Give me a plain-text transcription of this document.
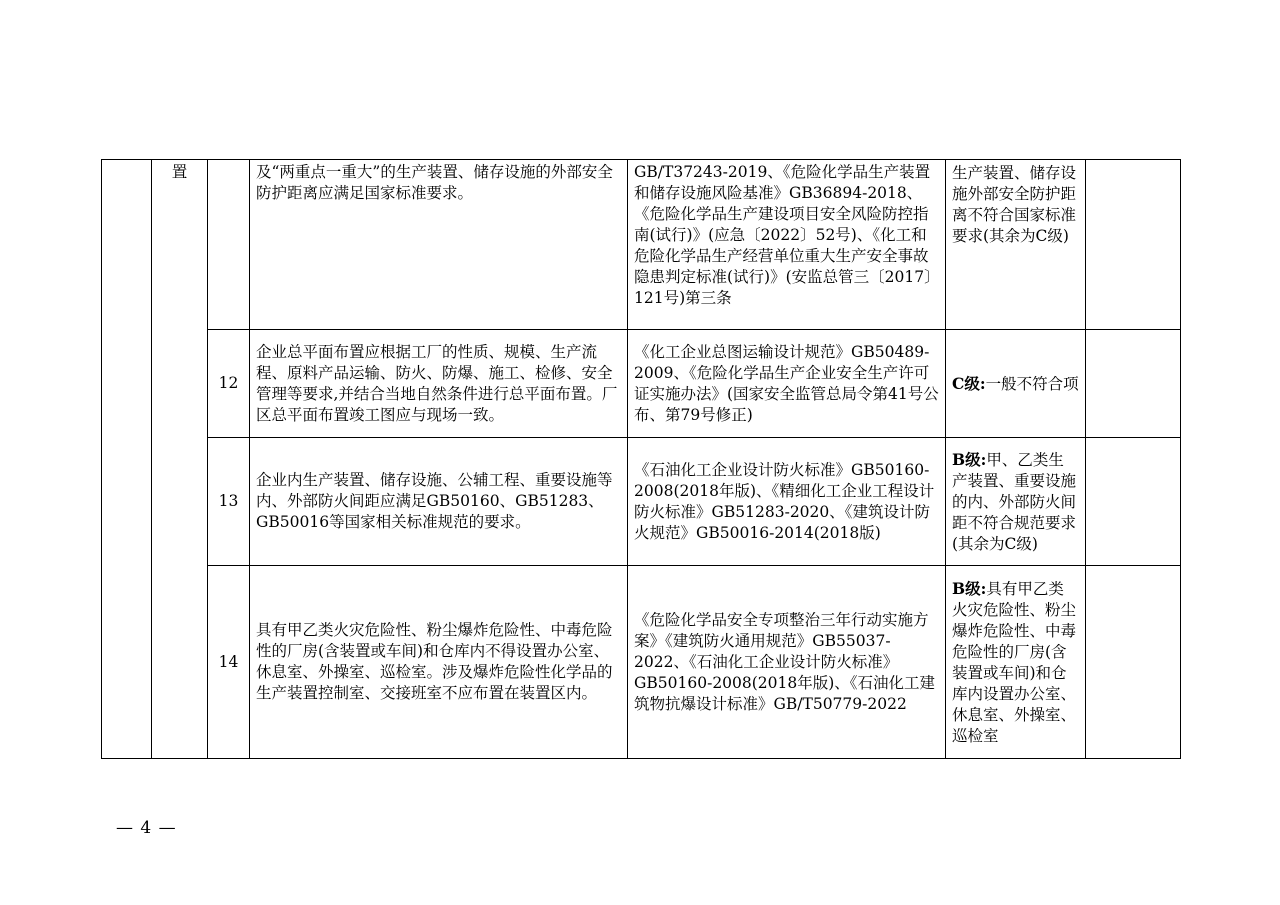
	置		及“两重点一重大”的生产装置、储存设施的外部安全防护距离应满足国家标准要求。	GB/T37243-2019、《危险化学品生产装置和储存设施风险基准》GB36894-2018、《危险化学品生产建设项目安全风险防控指南(试行)》(应急〔2022〕52号)、《化工和危险化学品生产经营单位重大生产安全事故隐患判定标准(试行)》(安监总管三〔2017〕121号)第三条	生产装置、储存设施外部安全防护距离不符合国家标准要求(其余为C级)	
		12	企业总平面布置应根据工厂的性质、规模、生产流程、原料产品运输、防火、防爆、施工、检修、安全管理等要求,并结合当地自然条件进行总平面布置。厂区总平面布置竣工图应与现场一致。	《化工企业总图运输设计规范》GB50489-2009、《危险化学品生产企业安全生产许可证实施办法》(国家安全监管总局令第41号公布、第79号修正)	C级:一般不符合项	
		13	企业内生产装置、储存设施、公辅工程、重要设施等内、外部防火间距应满足GB50160、GB51283、GB50016等国家相关标准规范的要求。	《石油化工企业设计防火标准》GB50160-2008(2018年版)、《精细化工企业工程设计防火标准》GB51283-2020、《建筑设计防火规范》GB50016-2014(2018版)	B级:甲、乙类生产装置、重要设施的内、外部防火间距不符合规范要求(其余为C级)	
		14	具有甲乙类火灾危险性、粉尘爆炸危险性、中毒危险性的厂房(含装置或车间)和仓库内不得设置办公室、休息室、外操室、巡检室。涉及爆炸危险性化学品的生产装置控制室、交接班室不应布置在装置区内。	《危险化学品安全专项整治三年行动实施方案》《建筑防火通用规范》GB55037-2022、《石油化工企业设计防火标准》GB50160-2008(2018年版)、《石油化工建筑物抗爆设计标准》GB/T50779-2022	B级:具有甲乙类火灾危险性、粉尘爆炸危险性、中毒危险性的厂房(含装置或车间)和仓库内设置办公室、休息室、外操室、巡检室	
— 4 —
